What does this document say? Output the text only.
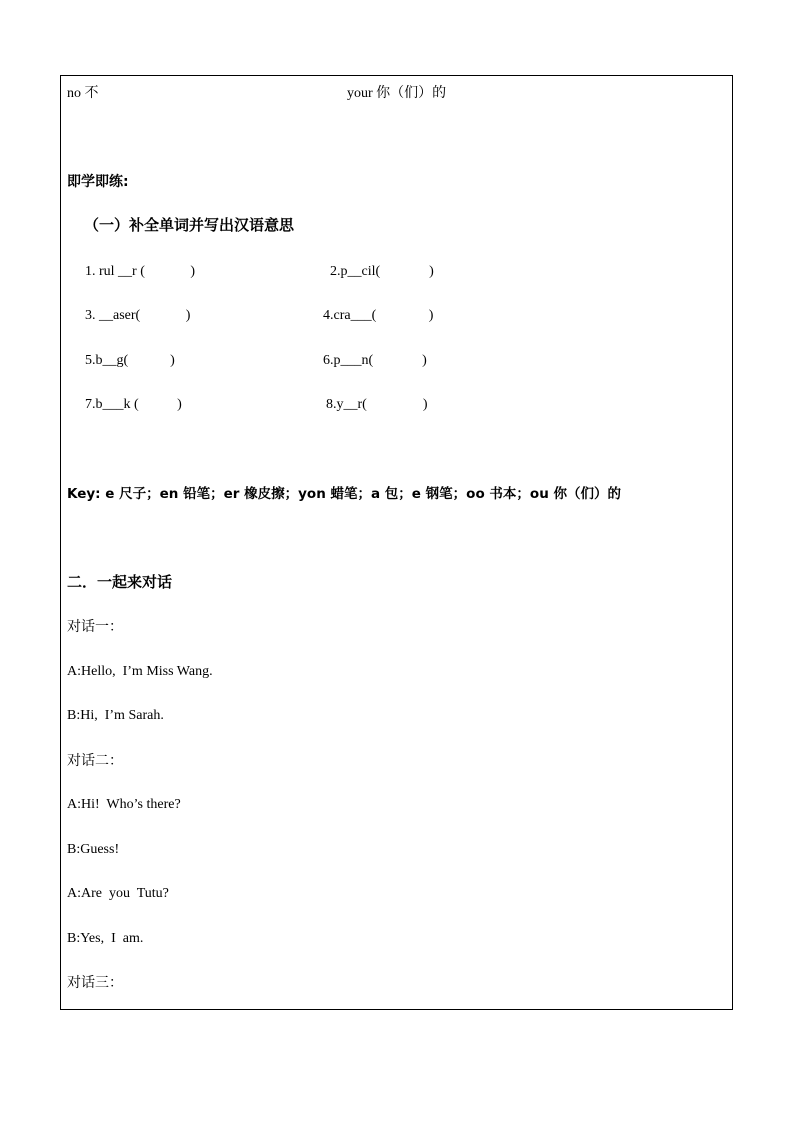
no 不	your 你（们）的
即学即练:
（一）补全单词并写出汉语意思
1. rul __r (             )	2.p__cil(              )
3. __aser(             )	4.cra___(               )
5.b__g(            )	6.p___n(              )
7.b___k (           )	8.y__r(                )
Key: e 尺子；en 铅笔；er 橡皮擦；yon 蜡笔；a 包；e 钢笔；oo 书本；ou 你（们）的
二．一起来对话
对话一：
A:Hello,  I’m Miss Wang.
B:Hi,  I’m Sarah.
对话二：
A:Hi!  Who’s there?
B:Guess!
A:Are  you  Tutu?
B:Yes,  I  am.
对话三：
